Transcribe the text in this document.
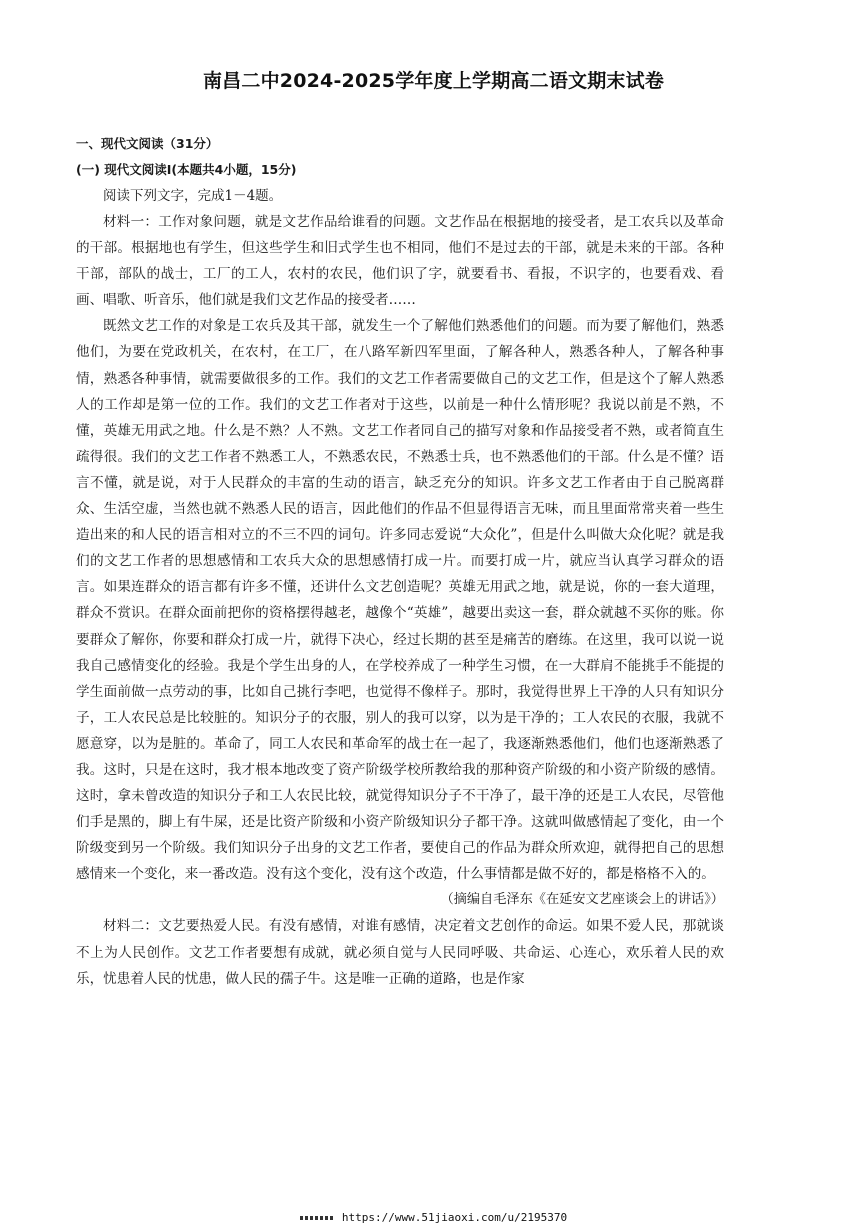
南昌二中2024-2025学年度上学期高二语文期末试卷

一、现代文阅读（31分）

(一) 现代文阅读Ⅰ(本题共4小题，15分)

阅读下列文字，完成1－4题。

材料一：工作对象问题，就是文艺作品给谁看的问题。文艺作品在根据地的接受者，是工农兵以及革命的干部。根据地也有学生，但这些学生和旧式学生也不相同，他们不是过去的干部，就是未来的干部。各种干部，部队的战士，工厂的工人，农村的农民，他们识了字，就要看书、看报，不识字的，也要看戏、看画、唱歌、听音乐，他们就是我们文艺作品的接受者……

既然文艺工作的对象是工农兵及其干部，就发生一个了解他们熟悉他们的问题。而为要了解他们，熟悉他们，为要在党政机关，在农村，在工厂，在八路军新四军里面，了解各种人，熟悉各种人，了解各种事情，熟悉各种事情，就需要做很多的工作。我们的文艺工作者需要做自己的文艺工作，但是这个了解人熟悉人的工作却是第一位的工作。我们的文艺工作者对于这些，以前是一种什么情形呢？我说以前是不熟，不懂，英雄无用武之地。什么是不熟？人不熟。文艺工作者同自己的描写对象和作品接受者不熟，或者简直生疏得很。我们的文艺工作者不熟悉工人，不熟悉农民，不熟悉士兵，也不熟悉他们的干部。什么是不懂？语言不懂，就是说，对于人民群众的丰富的生动的语言，缺乏充分的知识。许多文艺工作者由于自己脱离群众、生活空虚，当然也就不熟悉人民的语言，因此他们的作品不但显得语言无味，而且里面常常夹着一些生造出来的和人民的语言相对立的不三不四的词句。许多同志爱说“大众化”，但是什么叫做大众化呢？就是我们的文艺工作者的思想感情和工农兵大众的思想感情打成一片。而要打成一片，就应当认真学习群众的语言。如果连群众的语言都有许多不懂，还讲什么文艺创造呢？英雄无用武之地，就是说，你的一套大道理，群众不赏识。在群众面前把你的资格摆得越老，越像个“英雄”，越要出卖这一套，群众就越不买你的账。你要群众了解你，你要和群众打成一片，就得下决心，经过长期的甚至是痛苦的磨练。在这里，我可以说一说我自己感情变化的经验。我是个学生出身的人，在学校养成了一种学生习惯，在一大群肩不能挑手不能提的学生面前做一点劳动的事，比如自己挑行李吧，也觉得不像样子。那时，我觉得世界上干净的人只有知识分子，工人农民总是比较脏的。知识分子的衣服，别人的我可以穿，以为是干净的；工人农民的衣服，我就不愿意穿，以为是脏的。革命了，同工人农民和革命军的战士在一起了，我逐渐熟悉他们，他们也逐渐熟悉了我。这时，只是在这时，我才根本地改变了资产阶级学校所教给我的那种资产阶级的和小资产阶级的感情。这时，拿未曾改造的知识分子和工人农民比较，就觉得知识分子不干净了，最干净的还是工人农民，尽管他们手是黑的，脚上有牛屎，还是比资产阶级和小资产阶级知识分子都干净。这就叫做感情起了变化，由一个阶级变到另一个阶级。我们知识分子出身的文艺工作者，要使自己的作品为群众所欢迎，就得把自己的思想感情来一个变化，来一番改造。没有这个变化，没有这个改造，什么事情都是做不好的，都是格格不入的。

（摘编自毛泽东《在延安文艺座谈会上的讲话》）

材料二：文艺要热爱人民。有没有感情，对谁有感情，决定着文艺创作的命运。如果不爱人民，那就谈不上为人民创作。文艺工作者要想有成就，就必须自觉与人民同呼吸、共命运、心连心，欢乐着人民的欢乐，忧患着人民的忧患，做人民的孺子牛。这是唯一正确的道路，也是作家

https://www.51jiaoxi.com/u/2195370
